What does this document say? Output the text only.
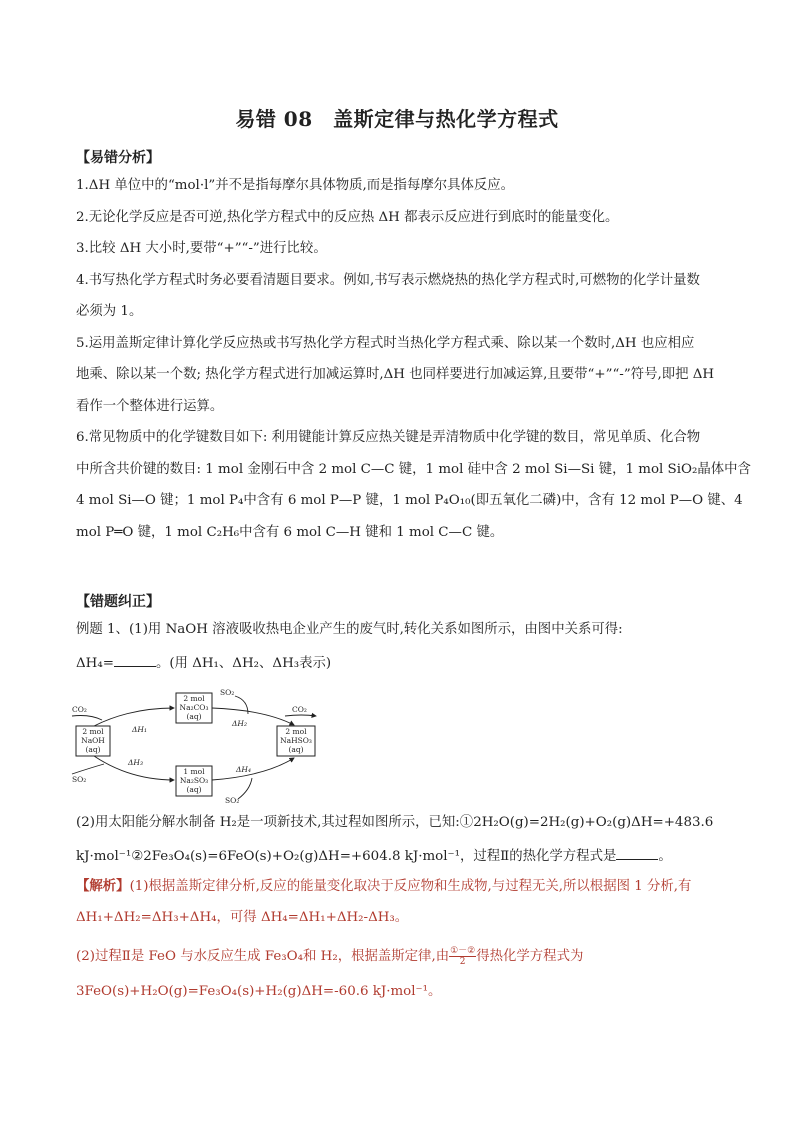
易错 08　盖斯定律与热化学方程式
【易错分析】
1.ΔH 单位中的“mol·l”并不是指每摩尔具体物质,而是指每摩尔具体反应。
2.无论化学反应是否可逆,热化学方程式中的反应热 ΔH 都表示反应进行到底时的能量变化。
3.比较 ΔH 大小时,要带“+”“-”进行比较。
4.书写热化学方程式时务必要看清题目要求。例如,书写表示燃烧热的热化学方程式时,可燃物的化学计量数
必须为 1。
5.运用盖斯定律计算化学反应热或书写热化学方程式时当热化学方程式乘、除以某一个数时,ΔH 也应相应
地乘、除以某一个数; 热化学方程式进行加减运算时,ΔH 也同样要进行加减运算,且要带“+”“-”符号,即把 ΔH
看作一个整体进行运算。
6.常见物质中的化学键数目如下: 利用键能计算反应热关键是弄清物质中化学键的数目，常见单质、化合物
中所含共价键的数目: 1 mol 金刚石中含 2 mol C—C 键，1 mol 硅中含 2 mol Si—Si 键，1 mol SiO₂晶体中含
4 mol Si—O 键；1 mol P₄中含有 6 mol P—P 键，1 mol P₄O₁₀(即五氧化二磷)中，含有 12 mol P—O 键、4
mol P═O 键，1 mol C₂H₆中含有 6 mol C—H 键和 1 mol C—C 键。
【错题纠正】
例题 1、(1)用 NaOH 溶液吸收热电企业产生的废气时,转化关系如图所示，由图中关系可得:
ΔH₄=	。(用 ΔH₁、ΔH₂、ΔH₃表示)
2 mol
NaOH
(aq)
2 mol
Na₂CO₃
(aq)
1 mol
Na₂SO₃
(aq)
2 mol
NaHSO₃
(aq)
CO₂	CO₂
SO₂
SO₂
SO₂
ΔH₁
ΔH₂
ΔH₃
ΔH₄
(2)用太阳能分解水制备 H₂是一项新技术,其过程如图所示，已知:①2H₂O(g)=2H₂(g)+O₂(g)ΔH=+483.6
kJ·mol⁻¹②2Fe₃O₄(s)=6FeO(s)+O₂(g)ΔH=+604.8 kJ·mol⁻¹，过程Ⅱ的热化学方程式是	。
【解析】(1)根据盖斯定律分析,反应的能量变化取决于反应物和生成物,与过程无关,所以根据图 1 分析,有
ΔH₁+ΔH₂=ΔH₃+ΔH₄，可得 ΔH₄=ΔH₁+ΔH₂-ΔH₃。
(2)过程Ⅱ是 FeO 与水反应生成 Fe₃O₄和 H₂，根据盖斯定律,由 $\frac{\text{①－②}}{2}$ 得热化学方程式为
3FeO(s)+H₂O(g)=Fe₃O₄(s)+H₂(g)ΔH=-60.6 kJ·mol⁻¹。
